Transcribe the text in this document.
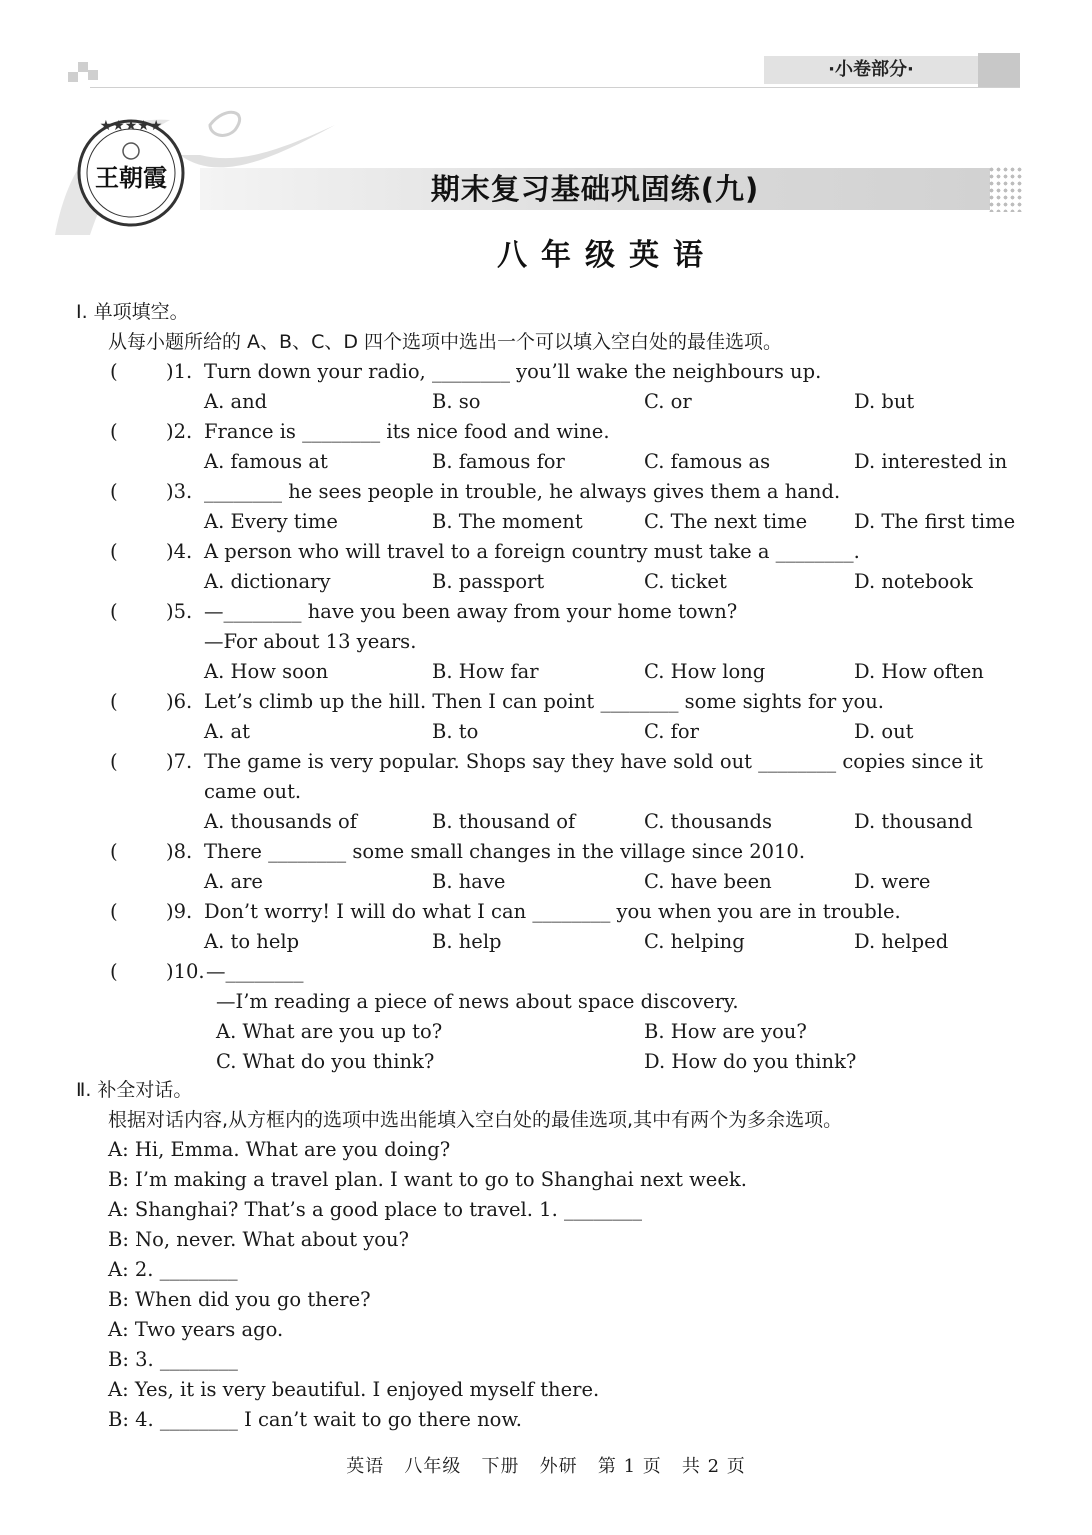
·小卷部分·
★★★★★
王朝霞	期末复习基础巩固练(九)
八年级英语
Ⅰ. 单项填空。
从每小题所给的 A、B、C、D 四个选项中选出一个可以填入空白处的最佳选项。
( )1. Turn down your radio, ________ you’ll wake the neighbours up.
A. and	B. so	C. or	D. but
( )2. France is ________ its nice food and wine.
A. famous at	B. famous for	C. famous as	D. interested in
( )3. ________ he sees people in trouble, he always gives them a hand.
A. Every time	B. The moment	C. The next time D. The first time
( )4. A person who will travel to a foreign country must take a ________.
A. dictionary	B. passport	C. ticket	D. notebook
( )5. —________ have you been away from your home town?
—For about 13 years.
A. How soon	B. How far	C. How long	D. How often
( )6. Let’s climb up the hill. Then I can point ________ some sights for you.
A. at	B. to	C. for	D. out
( )7. The game is very popular. Shops say they have sold out ________ copies since it
came out.
A. thousands of	B. thousand of	C. thousands	D. thousand
( )8. There ________ some small changes in the village since 2010.
A. are	B. have	C. have been	D. were
( )9. Don’t worry! I will do what I can ________ you when you are in trouble.
A. to help	B. help	C. helping	D. helped
( )10. —________
—I’m reading a piece of news about space discovery.
A. What are you up to?	B. How are you?
C. What do you think?	D. How do you think?
Ⅱ. 补全对话。
根据对话内容,从方框内的选项中选出能填入空白处的最佳选项,其中有两个为多余选项。
A: Hi, Emma. What are you doing?
B: I’m making a travel plan. I want to go to Shanghai next week.
A: Shanghai? That’s a good place to travel. 1. ________
B: No, never. What about you?
A: 2. ________
B: When did you go there?
A: Two years ago.
B: 3. ________
A: Yes, it is very beautiful. I enjoyed myself there.
B: 4. ________ I can’t wait to go there now.
英语   八年级   下册   外研   第 1 页   共 2 页
